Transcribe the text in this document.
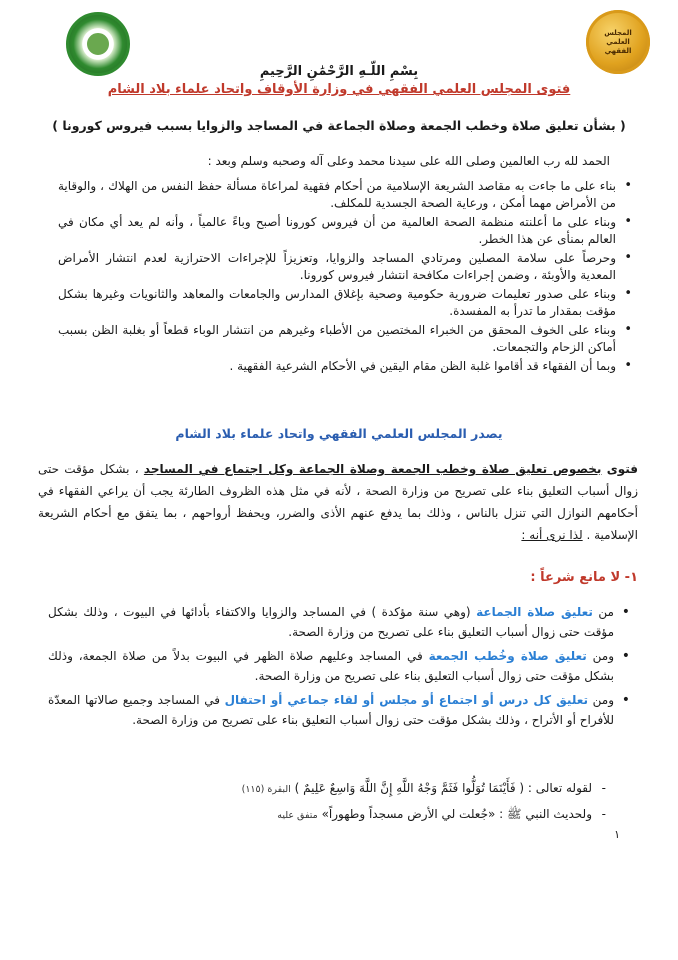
المجلس العلمي الفقهي
بِسْمِ اللّـهِ الرَّحْمَٰنِ الرَّحِيمِ
فتوى المجلس العلمي الفقهي في وزارة الأوقاف واتحاد علماء بلاد الشام
( بشأن تعليق صلاة وخطب الجمعة وصلاة الجماعة في المساجد والزوايا بسبب فيروس كورونا )
الحمد لله رب العالمين وصلى الله على سيدنا محمد وعلى آله وصحبه وسلم وبعد :
• بناء على ما جاءت به مقاصد الشريعة الإسلامية من أحكام فقهية لمراعاة مسألة حفظ النفس من الهلاك ، والوقاية من الأمراض مهما أمكن ، ورعاية الصحة الجسدية للمكلف.
• وبناء على ما أعلنته منظمة الصحة العالمية من أن فيروس كورونا أصبح وباءً عالمياً ، وأنه لم يعد أي مكان في العالم بمنأى عن هذا الخطر.
• وحرصاً على سلامة المصلين ومرتادي المساجد والزوايا، وتعزيزاً للإجراءات الاحترازية لعدم انتشار الأمراض المعدية والأوبئة ، وضمن إجراءات مكافحة انتشار فيروس كورونا.
• وبناء على صدور تعليمات ضرورية حكومية وصحية بإغلاق المدارس والجامعات والمعاهد والثانويات وغيرها بشكل مؤقت بمقدار ما تدرأ به المفسدة.
• وبناء على الخوف المحقق من الخبراء المختصين من الأطباء وغيرهم من انتشار الوباء قطعاً أو بغلبة الظن بسبب أماكن الزحام والتجمعات.
• وبما أن الفقهاء قد أقاموا غلبة الظن مقام اليقين في الأحكام الشرعية الفقهية .
يصدر المجلس العلمي الفقهي واتحاد علماء بلاد الشام
فتوى بخصوص تعليق صلاة وخطب الجمعة وصلاة الجماعة وكل اجتماع في المساجد ، بشكل مؤقت حتى زوال أسباب التعليق بناء على تصريح من وزارة الصحة ، لأنه في مثل هذه الظروف الطارئة يجب أن يراعي الفقهاء في أحكامهم النوازل التي تنزل بالناس ، وذلك بما يدفع عنهم الأذى والضرر، ويحفظ أرواحهم ، بما يتفق مع أحكام الشريعة الإسلامية . لذا نرى أنه :
١- لا مانع شرعاً :
• من تعليق صلاة الجماعة (وهي سنة مؤكدة ) في المساجد والزوايا والاكتفاء بأدائها في البيوت ، وذلك بشكل مؤقت حتى زوال أسباب التعليق بناء على تصريح من وزارة الصحة.
• ومن تعليق صلاة وخُطب الجمعة في المساجد وعليهم صلاة الظهر في البيوت بدلاً من صلاة الجمعة، وذلك بشكل مؤقت حتى زوال أسباب التعليق بناء على تصريح من وزارة الصحة.
• ومن تعليق كل درس أو اجتماع أو مجلس أو لقاء جماعي أو احتفال في المساجد وجميع صالاتها المعدّة للأفراح أو الأتراح ، وذلك بشكل مؤقت حتى زوال أسباب التعليق بناء على تصريح من وزارة الصحة.
- لقوله تعالى : ( فَأَيْنَمَا تُوَلُّوا فَثَمَّ وَجْهُ اللَّهِ إِنَّ اللَّهَ وَاسِعٌ عَلِيمٌ ) البقرة (١١٥)
- ولحديث النبي ﷺ : «جُعلت لي الأرض مسجداً وطهوراً» متفق عليه
١
